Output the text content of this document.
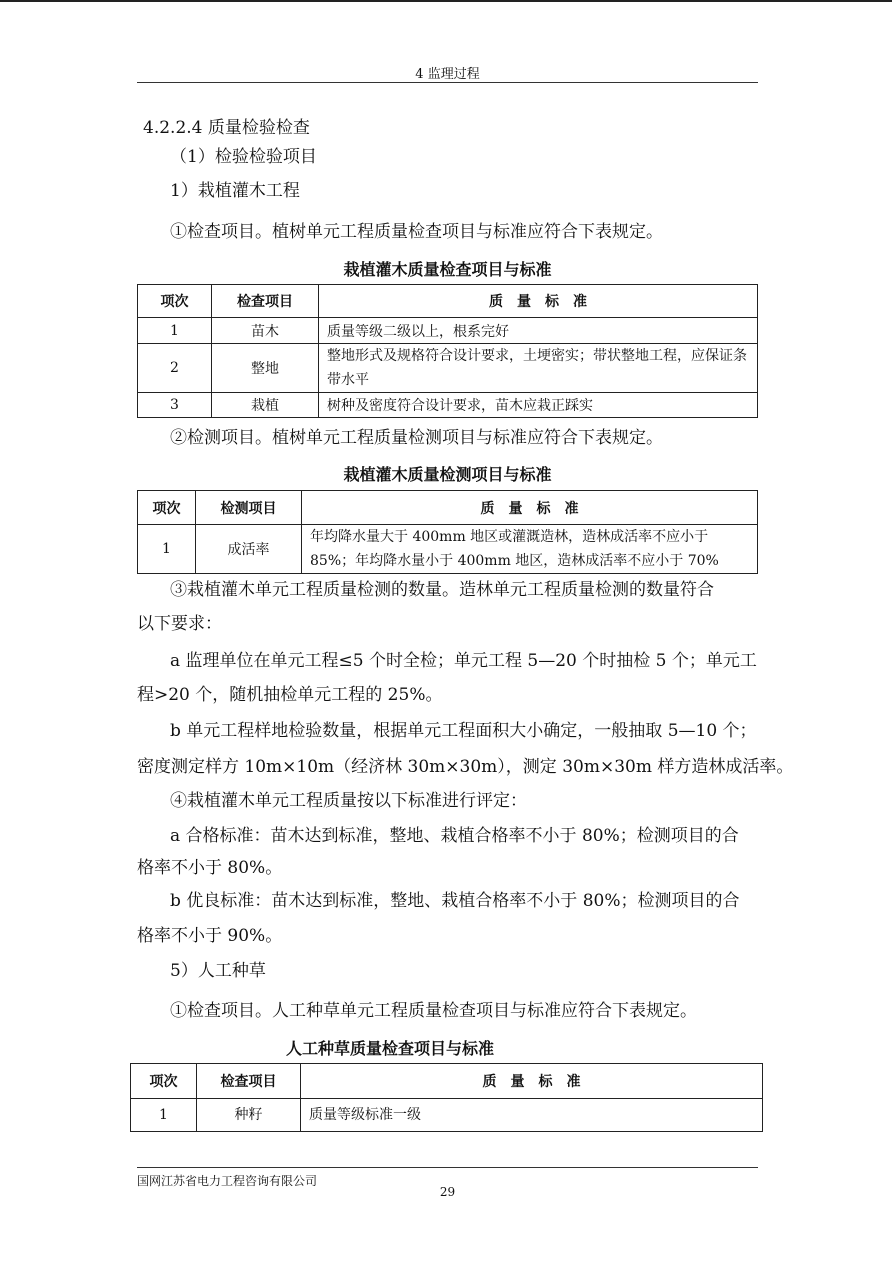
4 监理过程
4.2.2.4 质量检验检查
（1）检验检验项目
1）栽植灌木工程
①检查项目。植树单元工程质量检查项目与标准应符合下表规定。
栽植灌木质量检查项目与标准
项次	检查项目	质　量　标　准
1	苗木	质量等级二级以上，根系完好
2	整地	整地形式及规格符合设计要求，土埂密实；带状整地工程，应保证条带水平
3	栽植	树种及密度符合设计要求，苗木应栽正踩实
②检测项目。植树单元工程质量检测项目与标准应符合下表规定。
栽植灌木质量检测项目与标准
项次	检测项目	质　量　标　准
1	成活率	年均降水量大于 400mm 地区或灌溉造林，造林成活率不应小于 85%；年均降水量小于 400mm 地区，造林成活率不应小于 70%
③栽植灌木单元工程质量检测的数量。造林单元工程质量检测的数量符合
以下要求：
a 监理单位在单元工程≤5 个时全检；单元工程 5—20 个时抽检 5 个；单元工
程>20 个，随机抽检单元工程的 25%。
b 单元工程样地检验数量，根据单元工程面积大小确定，一般抽取 5—10 个；
密度测定样方 10m×10m（经济林 30m×30m），测定 30m×30m 样方造林成活率。
④栽植灌木单元工程质量按以下标准进行评定：
a 合格标准：苗木达到标准，整地、栽植合格率不小于 80%；检测项目的合
格率不小于 80%。
b 优良标准：苗木达到标准，整地、栽植合格率不小于 80%；检测项目的合
格率不小于 90%。
5）人工种草
①检查项目。人工种草单元工程质量检查项目与标准应符合下表规定。
人工种草质量检查项目与标准
项次	检查项目	质　量　标　准
1	种籽	质量等级标准一级
国网江苏省电力工程咨询有限公司
29
